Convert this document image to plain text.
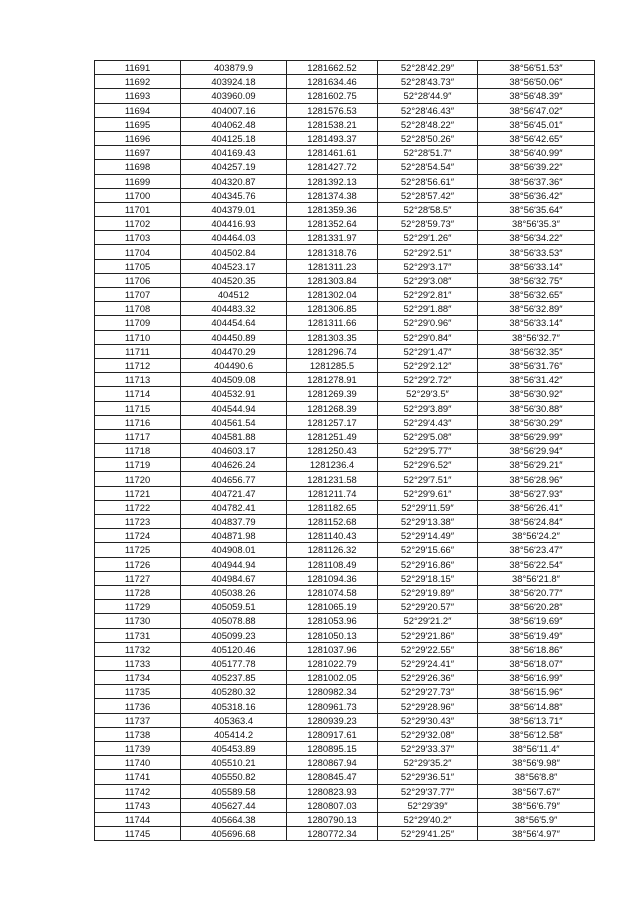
11691	403879.9	1281662.52	52°28′42.29″	38°56′51.53″
11692	403924.18	1281634.46	52°28′43.73″	38°56′50.06″
11693	403960.09	1281602.75	52°28′44.9″	38°56′48.39″
11694	404007.16	1281576.53	52°28′46.43″	38°56′47.02″
11695	404062.48	1281538.21	52°28′48.22″	38°56′45.01″
11696	404125.18	1281493.37	52°28′50.26″	38°56′42.65″
11697	404169.43	1281461.61	52°28′51.7″	38°56′40.99″
11698	404257.19	1281427.72	52°28′54.54″	38°56′39.22″
11699	404320.87	1281392.13	52°28′56.61″	38°56′37.36″
11700	404345.76	1281374.38	52°28′57.42″	38°56′36.42″
11701	404379.01	1281359.36	52°28′58.5″	38°56′35.64″
11702	404416.93	1281352.64	52°28′59.73″	38°56′35.3″
11703	404464.03	1281331.97	52°29′1.26″	38°56′34.22″
11704	404502.84	1281318.76	52°29′2.51″	38°56′33.53″
11705	404523.17	1281311.23	52°29′3.17″	38°56′33.14″
11706	404520.35	1281303.84	52°29′3.08″	38°56′32.75″
11707	404512	1281302.04	52°29′2.81″	38°56′32.65″
11708	404483.32	1281306.85	52°29′1.88″	38°56′32.89″
11709	404454.64	1281311.66	52°29′0.96″	38°56′33.14″
11710	404450.89	1281303.35	52°29′0.84″	38°56′32.7″
11711	404470.29	1281296.74	52°29′1.47″	38°56′32.35″
11712	404490.6	1281285.5	52°29′2.12″	38°56′31.76″
11713	404509.08	1281278.91	52°29′2.72″	38°56′31.42″
11714	404532.91	1281269.39	52°29′3.5″	38°56′30.92″
11715	404544.94	1281268.39	52°29′3.89″	38°56′30.88″
11716	404561.54	1281257.17	52°29′4.43″	38°56′30.29″
11717	404581.88	1281251.49	52°29′5.08″	38°56′29.99″
11718	404603.17	1281250.43	52°29′5.77″	38°56′29.94″
11719	404626.24	1281236.4	52°29′6.52″	38°56′29.21″
11720	404656.77	1281231.58	52°29′7.51″	38°56′28.96″
11721	404721.47	1281211.74	52°29′9.61″	38°56′27.93″
11722	404782.41	1281182.65	52°29′11.59″	38°56′26.41″
11723	404837.79	1281152.68	52°29′13.38″	38°56′24.84″
11724	404871.98	1281140.43	52°29′14.49″	38°56′24.2″
11725	404908.01	1281126.32	52°29′15.66″	38°56′23.47″
11726	404944.94	1281108.49	52°29′16.86″	38°56′22.54″
11727	404984.67	1281094.36	52°29′18.15″	38°56′21.8″
11728	405038.26	1281074.58	52°29′19.89″	38°56′20.77″
11729	405059.51	1281065.19	52°29′20.57″	38°56′20.28″
11730	405078.88	1281053.96	52°29′21.2″	38°56′19.69″
11731	405099.23	1281050.13	52°29′21.86″	38°56′19.49″
11732	405120.46	1281037.96	52°29′22.55″	38°56′18.86″
11733	405177.78	1281022.79	52°29′24.41″	38°56′18.07″
11734	405237.85	1281002.05	52°29′26.36″	38°56′16.99″
11735	405280.32	1280982.34	52°29′27.73″	38°56′15.96″
11736	405318.16	1280961.73	52°29′28.96″	38°56′14.88″
11737	405363.4	1280939.23	52°29′30.43″	38°56′13.71″
11738	405414.2	1280917.61	52°29′32.08″	38°56′12.58″
11739	405453.89	1280895.15	52°29′33.37″	38°56′11.4″
11740	405510.21	1280867.94	52°29′35.2″	38°56′9.98″
11741	405550.82	1280845.47	52°29′36.51″	38°56′8.8″
11742	405589.58	1280823.93	52°29′37.77″	38°56′7.67″
11743	405627.44	1280807.03	52°29′39″	38°56′6.79″
11744	405664.38	1280790.13	52°29′40.2″	38°56′5.9″
11745	405696.68	1280772.34	52°29′41.25″	38°56′4.97″
